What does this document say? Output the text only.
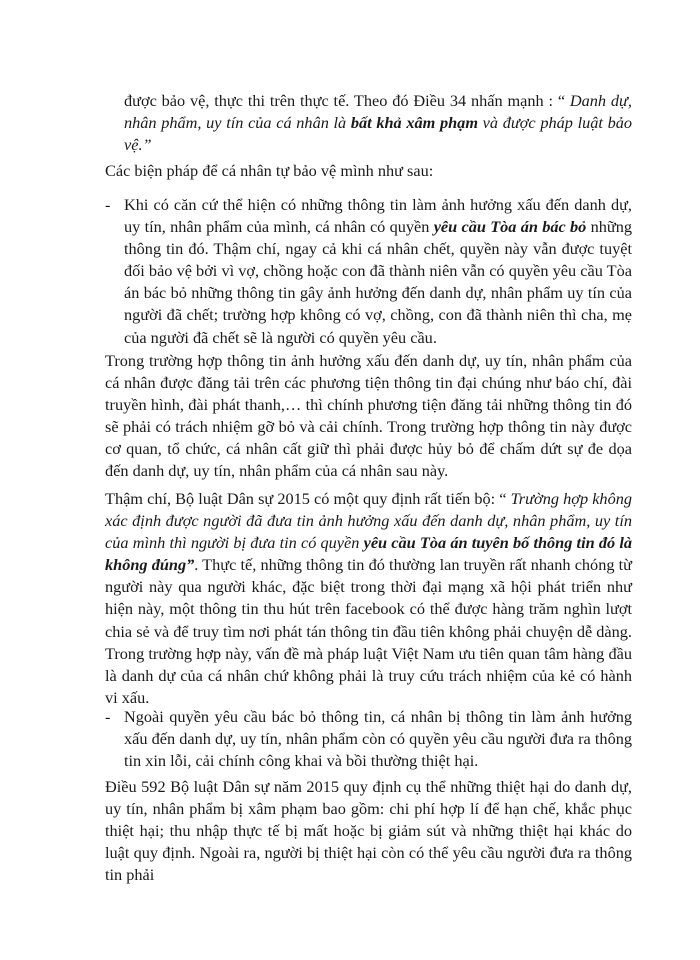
được bảo vệ, thực thi trên thực tế. Theo đó Điều 34 nhấn mạnh : “ Danh dự, nhân phẩm, uy tín của cá nhân là bất khả xâm phạm và được pháp luật bảo vệ.”

Các biện pháp để cá nhân tự bảo vệ mình như sau:

- Khi có căn cứ thể hiện có những thông tin làm ảnh hưởng xấu đến danh dự, uy tín, nhân phẩm của mình, cá nhân có quyền yêu cầu Tòa án bác bỏ những thông tin đó. Thậm chí, ngay cả khi cá nhân chết, quyền này vẫn được tuyệt đối bảo vệ bởi vì vợ, chồng hoặc con đã thành niên vẫn có quyền yêu cầu Tòa án bác bỏ những thông tin gây ảnh hưởng đến danh dự, nhân phẩm uy tín của người đã chết; trường hợp không có vợ, chồng, con đã thành niên thì cha, mẹ của người đã chết sẽ là người có quyền yêu cầu.

Trong trường hợp thông tin ảnh hưởng xấu đến danh dự, uy tín, nhân phẩm của cá nhân được đăng tải trên các phương tiện thông tin đại chúng như báo chí, đài truyền hình, đài phát thanh,… thì chính phương tiện đăng tải những thông tin đó sẽ phải có trách nhiệm gỡ bỏ và cải chính. Trong trường hợp thông tin này được cơ quan, tổ chức, cá nhân cất giữ thì phải được hủy bỏ để chấm dứt sự đe dọa đến danh dự, uy tín, nhân phẩm của cá nhân sau này.

Thậm chí, Bộ luật Dân sự 2015 có một quy định rất tiến bộ: “ Trường hợp không xác định được người đã đưa tin ảnh hưởng xấu đến danh dự, nhân phẩm, uy tín của mình thì người bị đưa tin có quyền yêu cầu Tòa án tuyên bố thông tin đó là không đúng”. Thực tế, những thông tin đó thường lan truyền rất nhanh chóng từ người này qua người khác, đặc biệt trong thời đại mạng xã hội phát triển như hiện này, một thông tin thu hút trên facebook có thể được hàng trăm nghìn lượt chia sẻ và để truy tìm nơi phát tán thông tin đầu tiên không phải chuyện dễ dàng. Trong trường hợp này, vấn đề mà pháp luật Việt Nam ưu tiên quan tâm hàng đầu là danh dự của cá nhân chứ không phải là truy cứu trách nhiệm của kẻ có hành vi xấu.

- Ngoài quyền yêu cầu bác bỏ thông tin, cá nhân bị thông tin làm ảnh hưởng xấu đến danh dự, uy tín, nhân phẩm còn có quyền yêu cầu người đưa ra thông tin xin lỗi, cải chính công khai và bồi thường thiệt hại.

Điều 592 Bộ luật Dân sự năm 2015 quy định cụ thể những thiệt hại do danh dự, uy tín, nhân phẩm bị xâm phạm bao gồm: chi phí hợp lí để hạn chế, khắc phục thiệt hại; thu nhập thực tế bị mất hoặc bị giảm sút và những thiệt hại khác do luật quy định. Ngoài ra, người bị thiệt hại còn có thể yêu cầu người đưa ra thông tin phải
